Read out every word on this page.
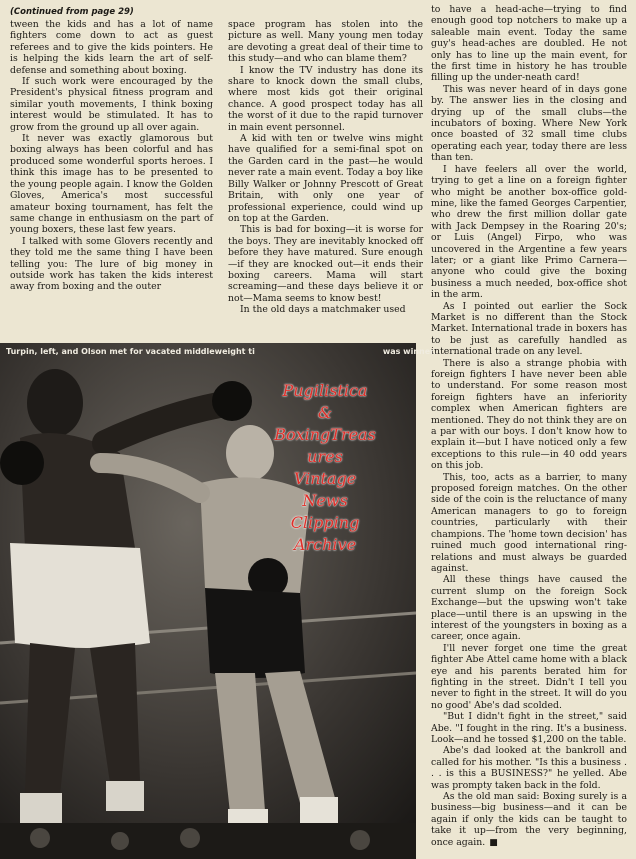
(Continued from page 29)

tween the kids and has a lot of name fighters come down to act as guest referees and to give the kids pointers. He is helping the kids learn the art of self-defense and something about boxing.

If such work were encouraged by the President's physical fitness program and similar youth movements, I think boxing interest would be stimulated. It has to grow from the ground up all over again.

It never was exactly glamorous but boxing always has been colorful and has produced some wonderful sports heroes. I think this image has to be presented to the young people again. I know the Golden Gloves, America's most successful amateur boxing tournament, has felt the same change in enthusiasm on the part of young boxers, these last few years.

I talked with some Glovers recently and they told me the same thing I have been telling you: The lure of big money in outside work has taken the kids interest away from boxing and the outer

space program has stolen into the picture as well. Many young men today are devoting a great deal of their time to this study—and who can blame them?

I know the TV industry has done its share to knock down the small clubs, where most kids got their original chance. A good prospect today has all the worst of it due to the rapid turnover in main event personnel.

A kid with ten or twelve wins might have qualified for a semi-final spot on the Garden card in the past—he would never rate a main event. Today a boy like Billy Walker or Johnny Prescott of Great Britain, with only one year of professional experience, could wind up on top at the Garden.

This is bad for boxing—it is worse for the boys. They are inevitably knocked off before they have matured. Sure enough—if they are knocked out—it ends their boxing careers. Mama will start screaming—and these days believe it or not—Mama seems to know best!

In the old days a matchmaker used

to have a head-ache—trying to find enough good top notchers to make up a saleable main event. Today the same guy's head-aches are doubled. He not only has to line up the main event, for the first time in history he has trouble filling up the under-neath card!

This was never heard of in days gone by. The answer lies in the closing and drying up of the small clubs—the incubators of boxing. Where New York once boasted of 32 small time clubs operating each year, today there are less than ten.

I have feelers all over the world, trying to get a line on a foreign fighter who might be another box-office gold-mine, like the famed Georges Carpentier, who drew the first million dollar gate with Jack Dempsey in the Roaring 20's; or Luis (Angel) Firpo, who was uncovered in the Argentine a few years later; or a giant like Primo Carnera—anyone who could give the boxing business a much needed, box-office shot in the arm.

As I pointed out earlier the Sock Market is no different than the Stock Market. International trade in boxers has to be just as carefully handled as international trade on any level.

There is also a strange phobia with foreign fighters I have never been able to understand. For some reason most foreign fighters have an inferiority complex when American fighters are mentioned. They do not think they are on a par with our boys. I don't know how to explain it—but I have noticed only a few exceptions to this rule—in 40 odd years on this job.

This, too, acts as a barrier, to many proposed foreign matches. On the other side of the coin is the reluctance of many American managers to go to foreign countries, particularly with their champions. The 'home town decision' has ruined much good international ring-relations and must always be guarded against.

All these things have caused the current slump on the foreign Sock Exchange—but the upswing won't take place—until there is an upswing in the interest of the youngsters in boxing as a career, once again.

I'll never forget one time the great fighter Abe Attel came home with a black eye and his parents berated him for fighting in the street. Didn't I tell you never to fight in the street. It will do you no good' Abe's dad scolded.

"But I didn't fight in the street," said Abe. "I fought in the ring. It's a business. Look—and he tossed $1,200 on the table.

Abe's dad looked at the bankroll and called for his mother. "Is this a business . . . is this a BUSINESS?" he yelled. Abe was prompty taken back in the fold.

As the old man said: Boxing surely is a business—big business—and it can be again if only the kids can be taught to take it up—from the very beginning, once again. ■

Turpin, left, and Olson met for vacated middleweight ti	was winner.
Pugilistica
&
BoxingTreas
ures
Vintage
News
Clipping
Archive
